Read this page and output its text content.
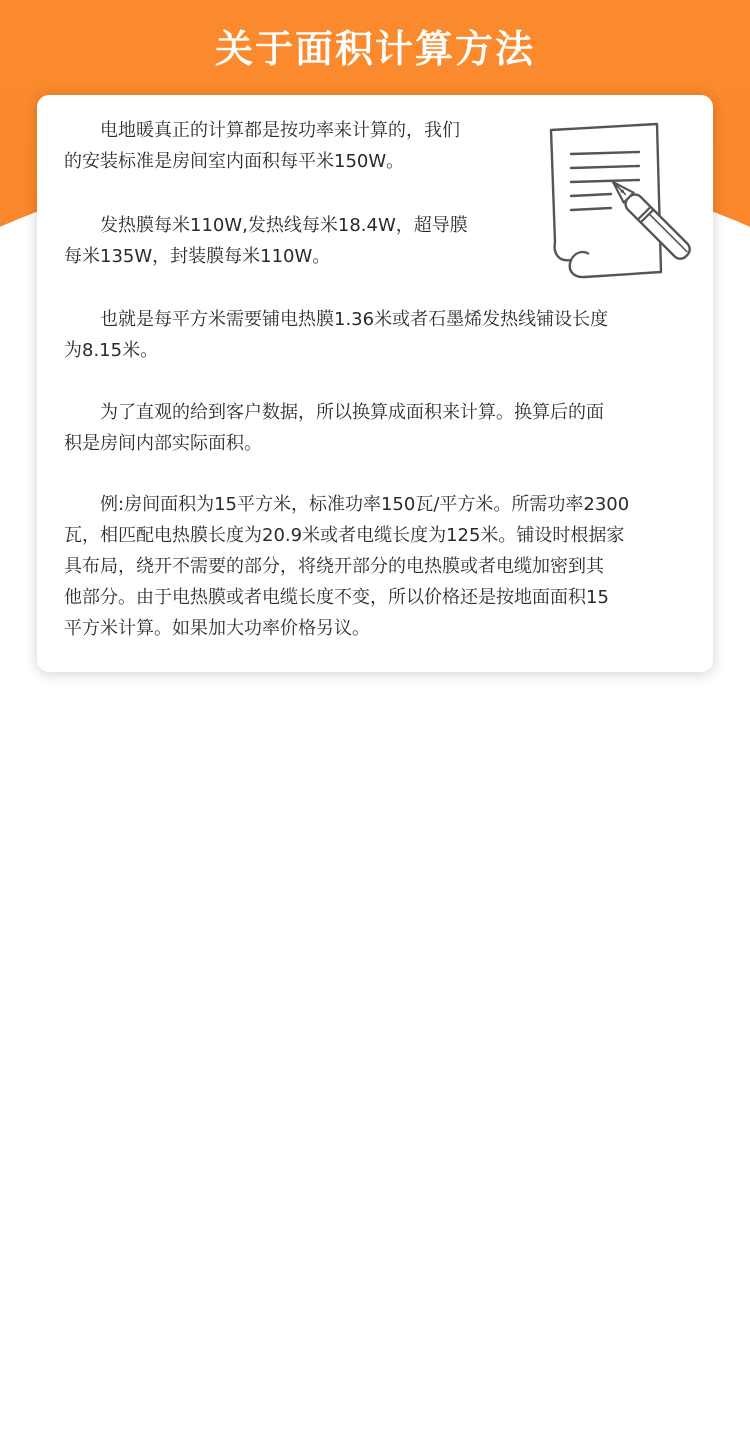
关于面积计算方法
　　电地暖真正的计算都是按功率来计算的，我们
的安装标准是房间室内面积每平米150W。
　　发热膜每米110W,发热线每米18.4W，超导膜
每米135W，封装膜每米110W。
　　也就是每平方米需要铺电热膜1.36米或者石墨烯发热线铺设长度
为8.15米。
　　为了直观的给到客户数据，所以换算成面积来计算。换算后的面
积是房间内部实际面积。
　　例:房间面积为15平方米，标准功率150瓦/平方米。所需功率2300
瓦，相匹配电热膜长度为20.9米或者电缆长度为125米。铺设时根据家
具布局，绕开不需要的部分，将绕开部分的电热膜或者电缆加密到其
他部分。由于电热膜或者电缆长度不变，所以价格还是按地面面积15
平方米计算。如果加大功率价格另议。
